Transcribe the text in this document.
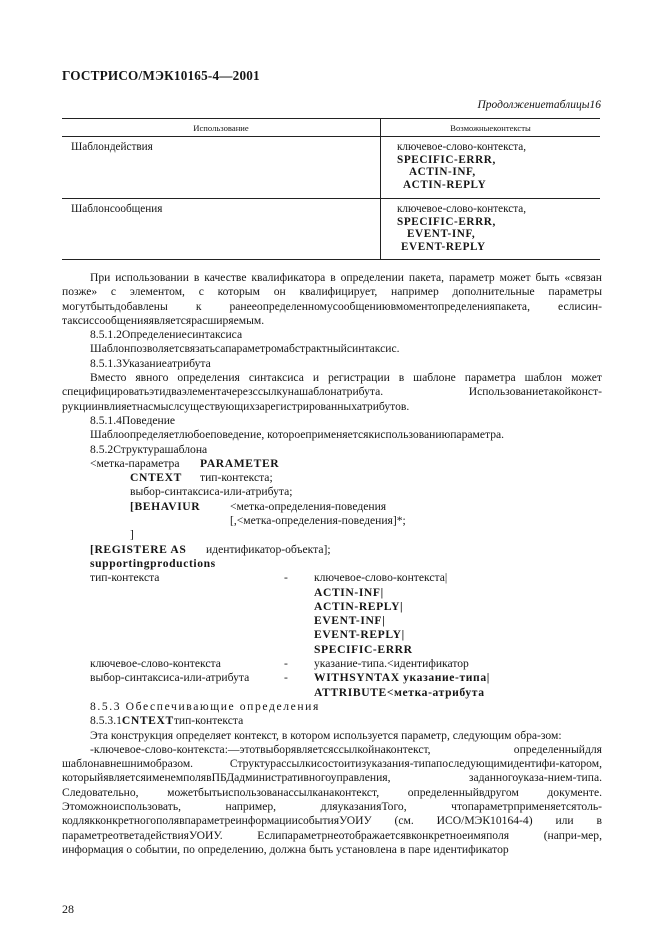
ГОСТРИСО/МЭК10165-4—2001
Продолжениетаблицы16
Использование	Возможныеконтексты
Шаблондействия	ключевое-слово-контекста,
SPECIFIC-ERRR,
ACTIN-INF,
ACTIN-REPLY

Шаблонсообщения	ключевое-слово-контекста,
SPECIFIC-ERRR,
EVENT-INF,
EVENT-REPLY

При использовании в качестве квалификатора в определении пакета, параметр может быть «связан позже» с элементом, с которым он квалифицирует, например дополнительные параметры могутбытьдобавлены к ранееопределенномусообщениювмоментопределенияпакета, еслисин-таксиссообщенияявляетсярасширяемым.

8.5.1.2Определениесинтаксиса

Шаблонпозволяетсвязатьсапараметромабстрактныйсинтаксис.

8.5.1.3Указаниеатрибута

Вместо явного определения синтаксиса и регистрации в шаблоне параметра шаблон может специфицироватьэтидваэлементачерезссылкунашаблонатрибута. Использованиетакойконст-рукциинвлияетнасмыслсуществующихзарегистрированныхатрибутов.

8.5.1.4Поведение

Шаблоопределяетлюбоеповедение, котороеприменяетсякиспользованиюпараметра.

8.5.2Структурашаблона

<метка-параметра PARAMETER
CNTEXT тип-контекста;
выбор-синтаксиса-или-атрибута;
[BEHAVIUR	<метка-определения-поведения
[,<метка-определения-поведения]*;
]
[REGISTERE AS идентификатор-объекта];
supportingproductions
тип-контекста	- ключевое-слово-контекста|
ACTIN-INF|
ACTIN-REPLY|
EVENT-INF|
EVENT-REPLY|
SPECIFIC-ERRR
ключевое-слово-контекста	- указание-типа.<идентификатор
выбор-синтаксиса-или-атрибута	- WITHSYNTAX указание-типа|
ATTRIBUTE<метка-атрибута

8.5.3 Обеспечивающие определения

8.5.3.1CNTEXTтип-контекста

Эта конструкция определяет контекст, в котором используется параметр, следующим обра-зом:

-ключевое-слово-контекста:—этотвыборявляетсяссылкойнаконтекст, определенныйдля шаблонавнешнимобразом. Структурассылкисостоитизуказания-типапоследующимидентифи-катором, которыйявляетсяименемполявПБДадминистративногоуправления, заданногоуказа-нием-типа. Следовательно, можетбытьиспользованассылканаконтекст, определенныйвдругом документе. Этоможноиспользовать, например, дляуказанияТого, чтопараметрприменяетсятоль-кодлякконкретногополявпараметреинформациисобытияУОИУ (см. ИСО/МЭК10164-4) или в параметреответадействияУОИУ. Еслипараметрнеотображаетсявконкретноеимяполя (напри-мер, информация о событии, по определению, должна быть установлена в паре идентификатор

28
